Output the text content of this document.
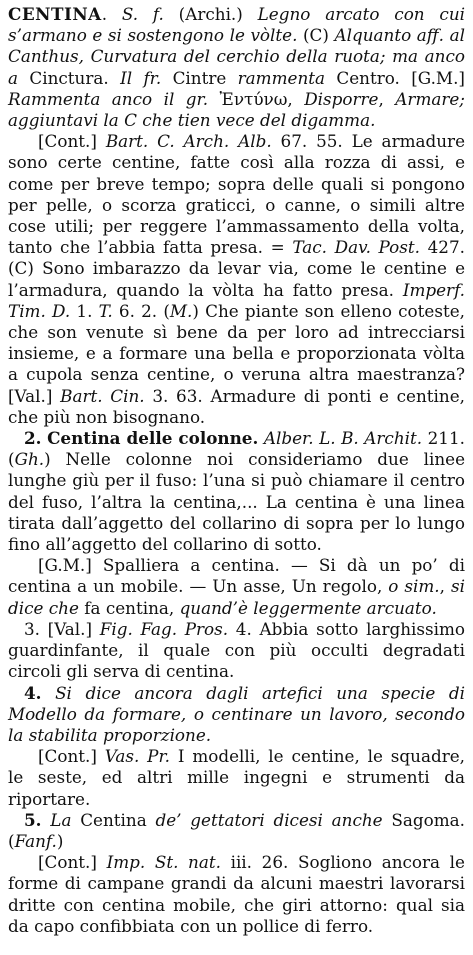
CENTINA. S. f. (Archi.) Legno arcato con cui s’armano e si sostengono le vòlte. (C) Alquanto aff. al Canthus, Curvatura del cerchio della ruota; ma anco a Cinctura. Il fr. Cintre rammenta Centro. [G.M.] Rammenta anco il gr. Ἐντύνω, Disporre, Armare; aggiuntavi la C che tien vece del digamma.

[Cont.] Bart. C. Arch. Alb. 67. 55. Le armadure sono certe centine, fatte così alla rozza di assi, e come per breve tempo; sopra delle quali si pongono per pelle, o scorza graticci, o canne, o simili altre cose utili; per reggere l’ammassamento della volta, tanto che l’abbia fatta presa. = Tac. Dav. Post. 427. (C) Sono imbarazzo da levar via, come le centine e l’armadura, quando la vòlta ha fatto presa. Imperf. Tim. D. 1. T. 6. 2. (M.) Che piante son elleno coteste, che son venute sì bene da per loro ad intrecciarsi insieme, e a formare una bella e proporzionata vòlta a cupola senza centine, o veruna altra maestranza? [Val.] Bart. Cin. 3. 63. Armadure di ponti e centine, che più non bisognano.

2. Centina delle colonne. Alber. L. B. Archit. 211. (Gh.) Nelle colonne noi consideriamo due linee lunghe giù per il fuso: l’una si può chiamare il centro del fuso, l’altra la centina,... La centina è una linea tirata dall’aggetto del collarino di sopra per lo lungo fino all’aggetto del collarino di sotto.

[G.M.] Spalliera a centina. — Si dà un po’ di centina a un mobile. — Un asse, Un regolo, o sim., si dice che fa centina, quand’è leggermente arcuato.

3. [Val.] Fig. Fag. Pros. 4. Abbia sotto larghissimo guardinfante, il quale con più occulti degradati circoli gli serva di centina.

4. Si dice ancora dagli artefici una specie di Modello da formare, o centinare un lavoro, secondo la stabilita proporzione.

[Cont.] Vas. Pr. I modelli, le centine, le squadre, le seste, ed altri mille ingegni e strumenti da riportare.

5. La Centina de’ gettatori dicesi anche Sagoma. (Fanf.)

[Cont.] Imp. St. nat. iii. 26. Sogliono ancora le forme di campane grandi da alcuni maestri lavorarsi dritte con centina mobile, che giri attorno: qual sia da capo confibbiata con un pollice di ferro.
